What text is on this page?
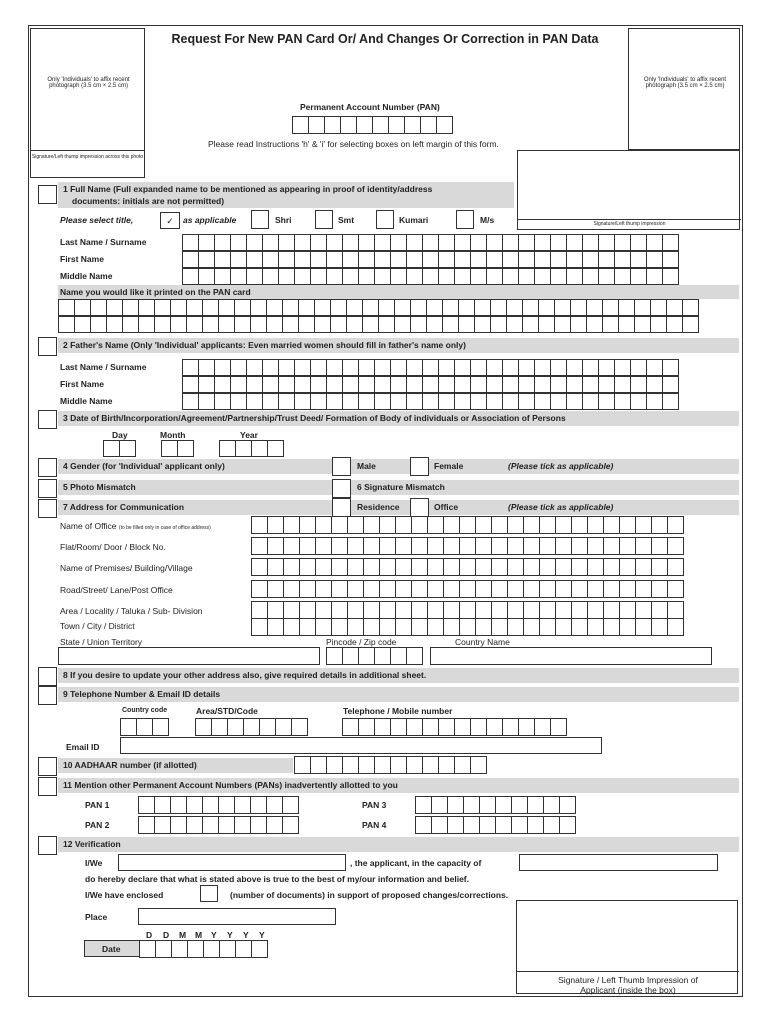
Request For New PAN Card Or/ And Changes Or Correction in PAN Data
Only 'Individuals' to affix recent photograph (3.5 cm × 2.5 cm)
Signature/Left thump impression across this photo
Only 'Individuals' to affix recent photograph (3.5 cm × 2.5 cm)
Signature/Left thump impression
Permanent Account Number (PAN)
Please read Instructions 'h' & 'i' for selecting boxes on left margin of this form.
1 Full Name (Full expanded name to be mentioned as appearing in proof of identity/address
documents: initials are not permitted)
Please select title,	✓	as applicable	Shri	Smt	Kumari	M/s
Last Name / Surname
First Name
Middle Name
Name you would like it printed on the PAN card
2 Father's Name (Only 'Individual' applicants: Even married women should fill in father's name only)
Last Name / Surname
First Name
Middle Name
3 Date of Birth/Incorporation/Agreement/Partnership/Trust Deed/ Formation of Body of individuals or Association of Persons
Day	Month	Year
4 Gender (for 'Individual' applicant only)	Male	Female	(Please tick as applicable)
5 Photo Mismatch	6 Signature Mismatch
7 Address for Communication	Residence	Office	(Please tick as applicable)
Name of Office (to be filled only in case of office address)
Flat/Room/ Door / Block No.
Name of Premises/ Building/Village
Road/Street/ Lane/Post Office
Area / Locality / Taluka / Sub- Division
Town / City / District
State / Union Territory	Pincode / Zip code	Country Name
8 If you desire to update your other address also, give required details in additional sheet.
9 Telephone Number & Email ID details
Country code	Area/STD/Code	Telephone / Mobile number
Email ID
10 AADHAAR number (if allotted)
11 Mention other Permanent Account Numbers (PANs) inadvertently allotted to you
PAN 1	PAN 3
PAN 2	PAN 4
12 Verification
I/We	, the applicant, in the capacity of
do hereby declare that what is stated above is true to the best of my/our information and belief.
I/We have enclosed	(number of documents) in support of proposed changes/corrections.
Place
D D M M Y Y Y Y
Date
Signature / Left Thumb Impression of
Applicant (inside the box)
